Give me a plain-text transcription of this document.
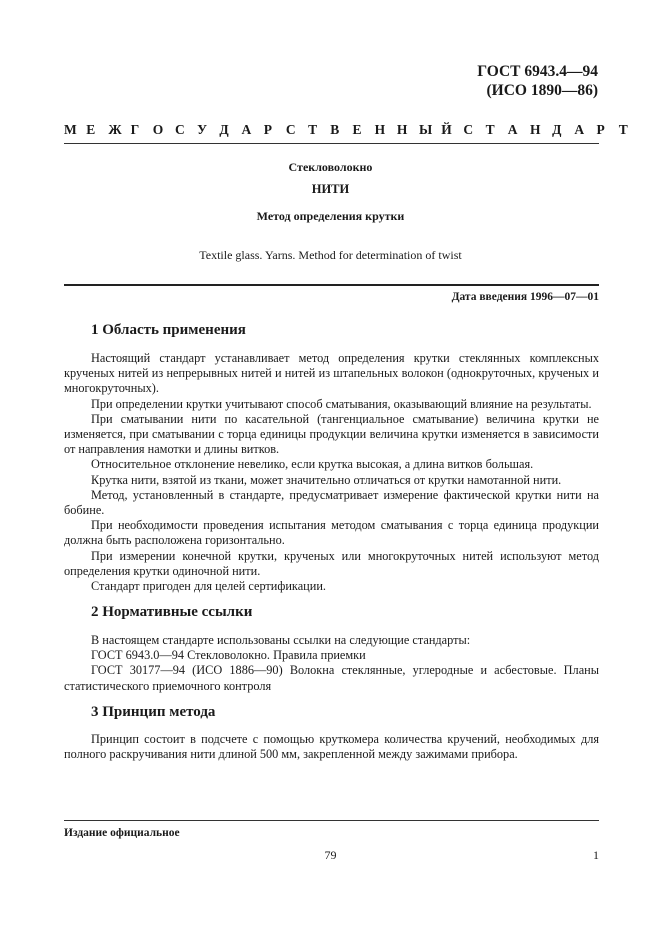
ГОСТ 6943.4—94
(ИСО 1890—86)
М Е Ж Г	О С У Д А Р	С Т В Е Н Н Ы Й С Т А Н Д А Р	Т
Стекловолокно
НИТИ
Метод определения крутки
Textile glass. Yarns. Method for determination of twist
Дата введения 1996—07—01
1 Область применения

Настоящий стандарт устанавливает метод определения крутки стеклянных комплексных крученых нитей из непрерывных нитей и нитей из штапельных волокон (однокруточных, крученых и многокруточных).

При определении крутки учитывают способ сматывания, оказывающий влияние на результаты.

При сматывании нити по касательной (тангенциальное сматывание) величина крутки не изменяется, при сматывании с торца единицы продукции величина крутки изменяется в зависимости от направления намотки и длины витков.

Относительное отклонение невелико, если крутка высокая, а длина витков большая.

Крутка нити, взятой из ткани, может значительно отличаться от крутки намотанной нити.

Метод, установленный в стандарте, предусматривает измерение фактической крутки нити на бобине.

При необходимости проведения испытания методом сматывания с торца единица продукции должна быть расположена горизонтально.

При измерении конечной крутки, крученых или многокруточных нитей используют метод определения крутки одиночной нити.

Стандарт пригоден для целей сертификации.

2 Нормативные ссылки

В настоящем стандарте использованы ссылки на следующие стандарты:

ГОСТ 6943.0—94 Стекловолокно. Правила приемки

ГОСТ 30177—94 (ИСО 1886—90) Волокна стеклянные, углеродные и асбестовые. Планы статистического приемочного контроля

3 Принцип метода

Принцип состоит в подсчете с помощью круткомера количества кручений, необходимых для полного раскручивания нити длиной 500 мм, закрепленной между зажимами прибора.

Издание официальное
79	1
